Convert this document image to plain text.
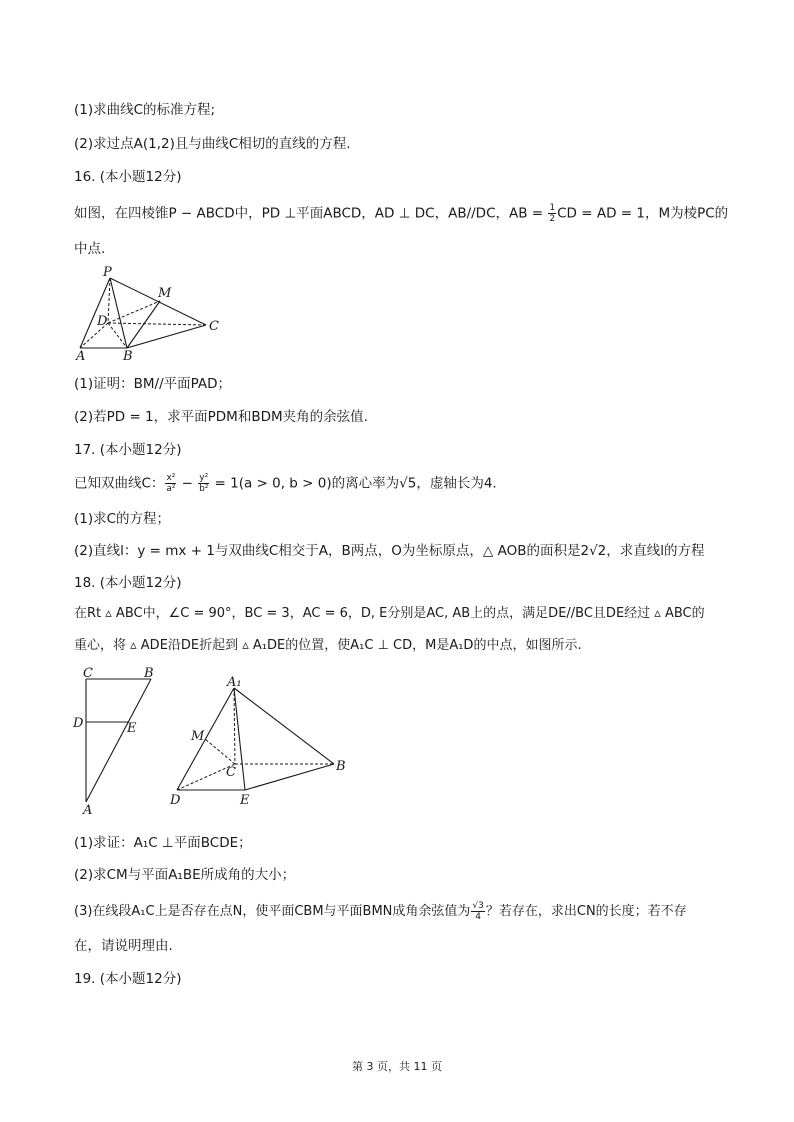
(1)求曲线C的标准方程;
(2)求过点A(1,2)且与曲线C相切的直线的方程.
16. (本小题12分)
如图，在四棱锥P − ABCD中，PD ⊥平面ABCD，AD ⊥ DC，AB//DC，AB = $\frac{1}{2}$ CD = AD = 1，M为棱PC的
中点.
P
M
D	C
A	B
(1)证明：BM//平面PAD；
(2)若PD = 1，求平面PDM和BDM夹角的余弦值.
17. (本小题12分)
已知双曲线C： $\frac{\text{x²}}{\text{a²}} - \frac{\text{y²}}{\text{b²}} = 1(a > 0$, b > 0)的离心率为√5，虚轴长为4.
(1)求C的方程；
(2)直线l：y = mx + 1与双曲线C相交于A，B两点，O为坐标原点，△ AOB的面积是2√2，求直线l的方程
18. (本小题12分)
在Rt ▵ ABC中，∠C = 90°，BC = 3，AC = 6，D, E分别是AC, AB上的点，满足DE//BC且DE经过 ▵ ABC的
重心，将 ▵ ADE沿DE折起到 ▵ A₁DE的位置，使A₁C ⊥ CD，M是A₁D的中点，如图所示.
C	B
D	E
A
A₁
M
C	B
D	E
(1)求证：A₁C ⊥平面BCDE；
(2)求CM与平面A₁BE所成角的大小；
(3)在线段A₁C上是否存在点N，使平面CBM与平面BMN成角余弦值为 $\frac{√3}{4}$ ？若存在，求出CN的长度；若不存
在，请说明理由.
19. (本小题12分)
第 3 页，共 11 页
